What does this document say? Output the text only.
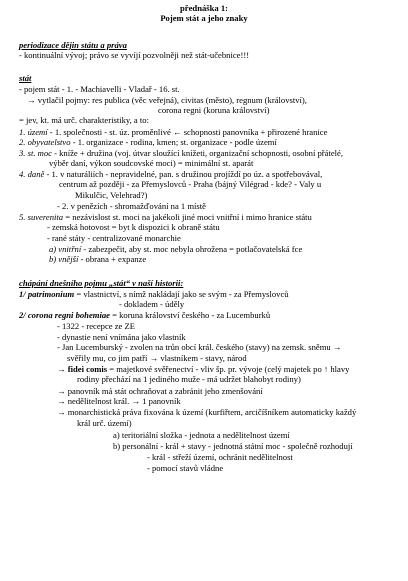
přednáška 1:
Pojem stát a jeho znaky
periodizace dějin státu a práva
- kontinuální vývoj; právo se vyvíjí pozvolněji než stát-učebnice!!!
stát
- pojem stát - 1. - Machiavelli - Vladař - 16. st.
→ vytlačil pojmy: res publica (věc veřejná), civitas (město), regnum (království),
corona regni (koruna království)
= jev, kt. má urč. charakteristiky, a to:
1. území - 1. společnosti - st. úz. proměnlivé ← schopnosti panovníka + přirozené hranice
2. obyvatelstvo - 1. organizace - rodina, kmen; st. organizace - podle území
3. st. moc - kníže + družina (voj. útvar sloužící knížeti, organizační schopnosti, osobní přátelé,
výběr daní, výkon soudcovské moci) = minimální st. aparát
4. daně - 1. v naturáliích - nepravidelné, pan. s družinou projíždí po úz. a spotřebovával,
centrum až později - za Přemyslovců - Praha (bájný Vilégrad - kde? - Valy u
Mikulčic, Velehrad?)
- 2. v penězích - shromažďování na 1 místě
5. suverenita = nezávislost st. moci na jakékoli jiné moci vnitřní i mimo hranice státu
- zemská hotovost = byt k dispozici k obraně státu
- rané státy - centralizované monarchie
a) vnitřní - zabezpečit, aby st. moc nebyla ohrožena = potlačovatelská fce
b) vnější - obrana + expanze
chápání dnešního pojmu „stát“ v naší historii:
1/ patrimonium = vlastnictví, s nímž nakládají jako se svým - za Přemyslovců
- dokladem - úděly
2/ corona regni bohemiae = koruna království českého - za Lucemburků
- 1322 - recepce ze ZE
- dynastie není vnímána jako vlastník
- Jan Lucemburský - zvolen na trůn obcí král. českého (stavy) na zemsk. sněmu →
svěřily mu, co jim patří → vlastníkem - stavy, národ
→ fidei comis = majetkové svěřenectví - vliv šp. pr. vývoje (celý majetek po ↑ hlavy
rodiny přechází na 1 jediného muže - má udržet blahobyt rodiny)
→ panovník má stát ochraňovat a zabránit jeho zmenšování
→ nedělitelnost král. → 1 panovník
→ monarchistická práva fixována k území (kurfiřtem, arcičíšníkem automaticky každý
král urč. území)
a) teritoriální složka - jednota a nedělitelnost území
b) personální - král + stavy - jednotná státní moc - společně rozhodují
- král - střeží území, ochránit nedělitelnost
- pomocí stavů vládne
